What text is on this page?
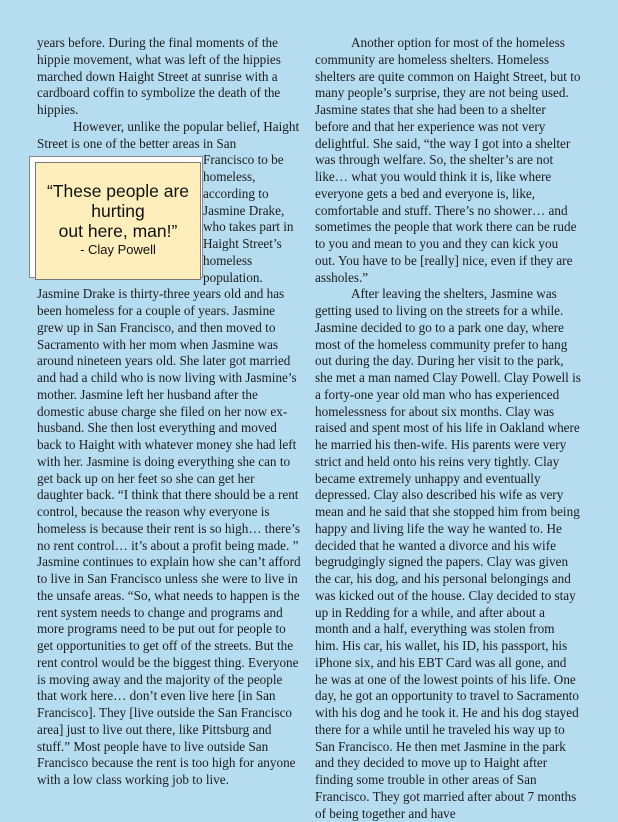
years before. During the final moments of the hippie movement, what was left of the hippies marched down Haight Street at sunrise with a cardboard coffin to symbolize the death of the hippies.

However, unlike the popular belief, Haight Street is one of the better areas in San

“These people are
hurting
out here, man!”
- Clay Powell

Francisco to be homeless, according to Jasmine Drake, who takes part in Haight Street’s homeless population. Jasmine Drake is thirty-three years old and has been homeless for a couple of years. Jasmine grew up in San Francisco, and then moved to Sacramento with her mom when Jasmine was around nineteen years old. She later got married and had a child who is now living with Jasmine’s mother. Jasmine left her husband after the domestic abuse charge she filed on her now ex-husband. She then lost everything and moved back to Haight with whatever money she had left with her. Jasmine is doing everything she can to get back up on her feet so she can get her daughter back. “I think that there should be a rent control, because the reason why everyone is homeless is because their rent is so high… there’s no rent control… it’s about a profit being made. ” Jasmine continues to explain how she can’t afford to live in San Francisco unless she were to live in the unsafe areas. “So, what needs to happen is the rent system needs to change and programs and more programs need to be put out for people to get opportunities to get off of the streets. But the rent control would be the biggest thing. Everyone is moving away and the majority of the people that work here… don’t even live here [in San Francisco]. They [live outside the San Francisco area] just to live out there, like Pittsburg and stuff.” Most people have to live outside San Francisco because the rent is too high for anyone with a low class working job to live.

Another option for most of the homeless community are homeless shelters. Homeless shelters are quite common on Haight Street, but to many people’s surprise, they are not being used. Jasmine states that she had been to a shelter before and that her experience was not very delightful. She said, “the way I got into a shelter was through welfare. So, the shelter’s are not like… what you would think it is, like where everyone gets a bed and everyone is, like, comfortable and stuff. There’s no shower… and sometimes the people that work there can be rude to you and mean to you and they can kick you out. You have to be [really] nice, even if they are assholes.”

After leaving the shelters, Jasmine was getting used to living on the streets for a while. Jasmine decided to go to a park one day, where most of the homeless community prefer to hang out during the day. During her visit to the park, she met a man named Clay Powell. Clay Powell is a forty-one year old man who has experienced homelessness for about six months. Clay was raised and spent most of his life in Oakland where he married his then-wife. His parents were very strict and held onto his reins very tightly. Clay became extremely unhappy and eventually depressed. Clay also described his wife as very mean and he said that she stopped him from being happy and living life the way he wanted to. He decided that he wanted a divorce and his wife begrudgingly signed the papers. Clay was given the car, his dog, and his personal belongings and was kicked out of the house. Clay decided to stay up in Redding for a while, and after about a month and a half, everything was stolen from him. His car, his wallet, his ID, his passport, his iPhone six, and his EBT Card was all gone, and he was at one of the lowest points of his life. One day, he got an opportunity to travel to Sacramento with his dog and he took it. He and his dog stayed there for a while until he traveled his way up to San Francisco. He then met Jasmine in the park and they decided to move up to Haight after finding some trouble in other areas of San Francisco. They got married after about 7 months of being together and have
